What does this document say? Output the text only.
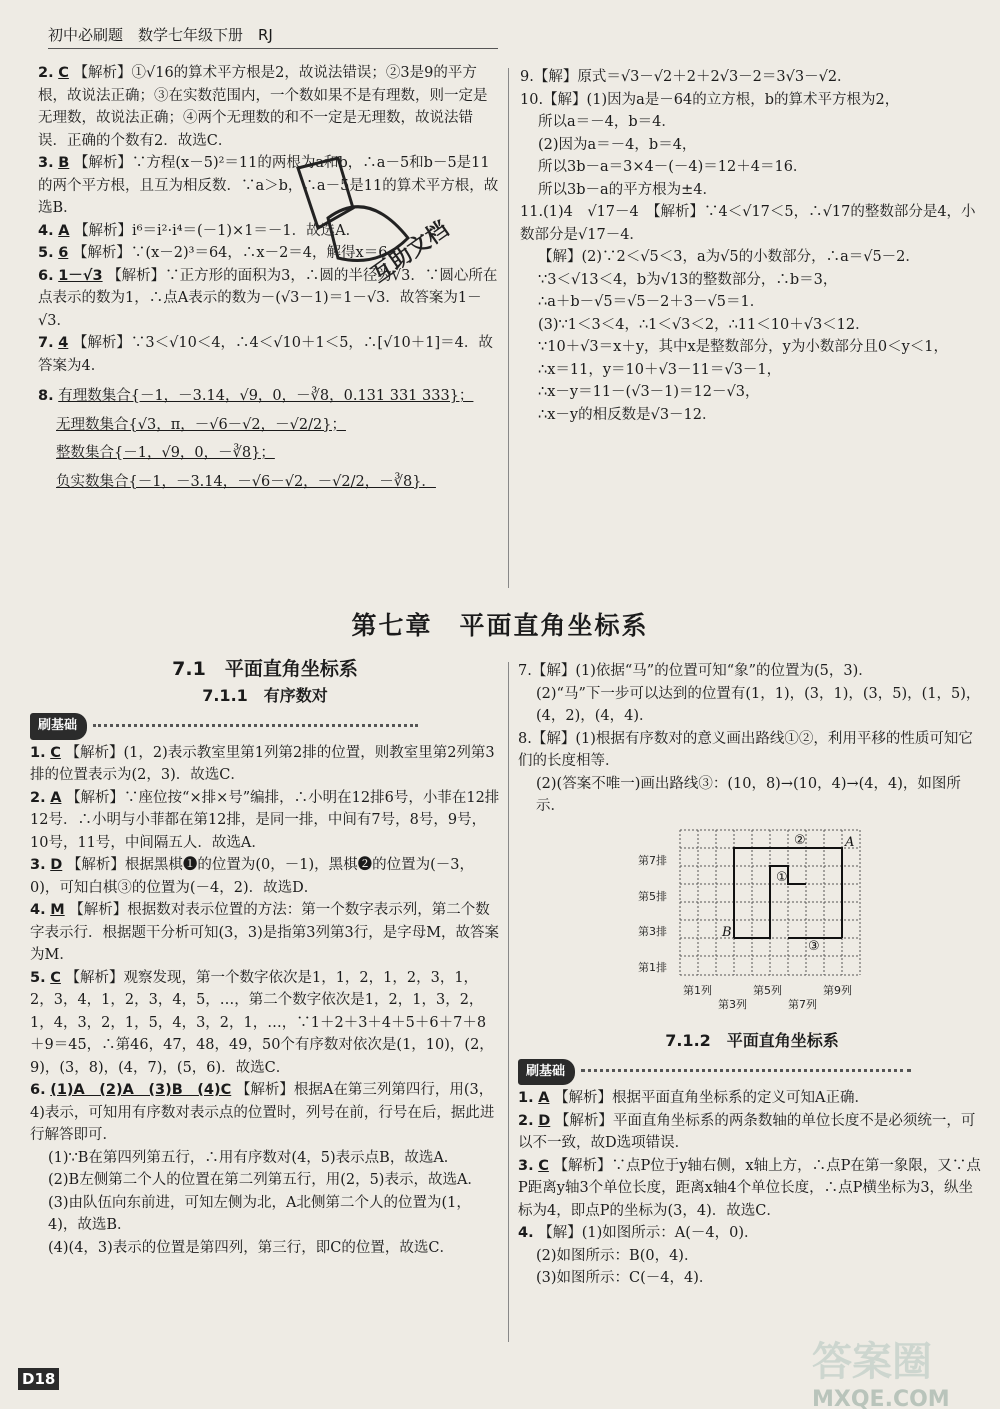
初中必刷题　数学七年级下册　RJ

2. C 【解析】①√16的算术平方根是2，故说法错误；②3是9的平方根，故说法正确；③在实数范围内，一个数如果不是有理数，则一定是无理数，故说法正确；④两个无理数的和不一定是无理数，故说法错误．正确的个数有2．故选C．

3. B 【解析】∵方程(x－5)²＝11的两根为a和b，∴a－5和b－5是11的两个平方根，且互为相反数．∵a＞b，∴a－5是11的算术平方根，故选B．

4. A 【解析】i⁶＝i²·i⁴＝(－1)×1＝－1．故选A．

5. 6 【解析】∵(x－2)³＝64，∴x－2＝4，解得x＝6．

6. 1－√3 【解析】∵正方形的面积为3，∴圆的半径为√3．∵圆心所在点表示的数为1，∴点A表示的数为－(√3－1)＝1－√3．故答案为1－√3．

7. 4 【解析】∵3＜√10＜4，∴4＜√10＋1＜5，∴[√10＋1]＝4．故答案为4．

8. 有理数集合{－1，－3.14，√9，0，－∛8，0.131 331 333}；

无理数集合{√3，π，－√6－√2，－√2/2}；

整数集合{－1，√9，0，－∛8}；

负实数集合{－1，－3.14，－√6－√2，－√2/2，－∛8}．

9.【解】原式＝√3－√2＋2＋2√3－2＝3√3－√2．

10.【解】(1)因为a是－64的立方根，b的算术平方根为2，

所以a＝－4，b＝4．

(2)因为a＝－4，b＝4，

所以3b－a＝3×4－(－4)＝12＋4＝16．

所以3b－a的平方根为±4．

11.(1)4　√17－4　【解析】∵4＜√17＜5，∴√17的整数部分是4，小数部分是√17－4．

【解】(2)∵2＜√5＜3，a为√5的小数部分，∴a＝√5－2．

∵3＜√13＜4，b为√13的整数部分，∴b＝3，

∴a＋b－√5＝√5－2＋3－√5＝1．

(3)∵1＜3＜4，∴1＜√3＜2，∴11＜10＋√3＜12．

∵10＋√3＝x＋y，其中x是整数部分，y为小数部分且0＜y＜1，

∴x＝11，y＝10＋√3－11＝√3－1，

∴x－y＝11－(√3－1)＝12－√3，

∴x－y的相反数是√3－12．

第七章　平面直角坐标系
7.1　平面直角坐标系
7.1.1　有序数对
刷基础

1. C 【解析】(1，2)表示教室里第1列第2排的位置，则教室里第2列第3排的位置表示为(2，3)．故选C．

2. A 【解析】∵座位按“×排×号”编排，∴小明在12排6号，小菲在12排12号．∴小明与小菲都在第12排，是同一排，中间有7号，8号，9号，10号，11号，中间隔五人．故选A．

3. D 【解析】根据黑棋❶的位置为(0，－1)，黑棋❷的位置为(－3，0)，可知白棋③的位置为(－4，2)．故选D．

4. M 【解析】根据数对表示位置的方法：第一个数字表示列，第二个数字表示行．根据题干分析可知(3，3)是指第3列第3行，是字母M，故答案为M．

5. C 【解析】观察发现，第一个数字依次是1，1，2，1，2，3，1，2，3，4，1，2，3，4，5，…，第二个数字依次是1，2，1，3，2，1，4，3，2，1，5，4，3，2，1，…，∵1＋2＋3＋4＋5＋6＋7＋8＋9＝45，∴第46，47，48，49，50个有序数对依次是(1，10)，(2，9)，(3，8)，(4，7)，(5，6)．故选C．

6. (1)A　(2)A　(3)B　(4)C 【解析】根据A在第三列第四行，用(3，4)表示，可知用有序数对表示点的位置时，列号在前，行号在后，据此进行解答即可．

(1)∵B在第四列第五行，∴用有序数对(4，5)表示点B，故选A．

(2)B左侧第二个人的位置在第二列第五行，用(2，5)表示，故选A．

(3)由队伍向东前进，可知左侧为北，A北侧第二个人的位置为(1，4)，故选B．

(4)(4，3)表示的位置是第四列，第三行，即C的位置，故选C．

7.【解】(1)依据“马”的位置可知“象”的位置为(5，3)．

(2)“马”下一步可以达到的位置有(1，1)，(3，1)，(3，5)，(1，5)，(4，2)，(4，4)．

8.【解】(1)根据有序数对的意义画出路线①②，利用平移的性质可知它们的长度相等．

(2)(答案不唯一)画出路线③：(10，8)→(10，4)→(4，4)，如图所示．

第7排
第5排
第3排
第1排
A
B
①
②
③
第1列
第3列
第5列
第7列
第9列
7.1.2　平面直角坐标系
刷基础

1. A 【解析】根据平面直角坐标系的定义可知A正确．

2. D 【解析】平面直角坐标系的两条数轴的单位长度不是必须统一，可以不一致，故D选项错误．

3. C 【解析】∵点P位于y轴右侧，x轴上方，∴点P在第一象限，又∵点P距离y轴3个单位长度，距离x轴4个单位长度，∴点P横坐标为3，纵坐标为4，即点P的坐标为(3，4)．故选C．

4. 【解】(1)如图所示：A(－4，0)．

(2)如图所示：B(0，4)．

(3)如图所示：C(－4，4)．

互助文档
D18	答案圈
MXQE.COM
